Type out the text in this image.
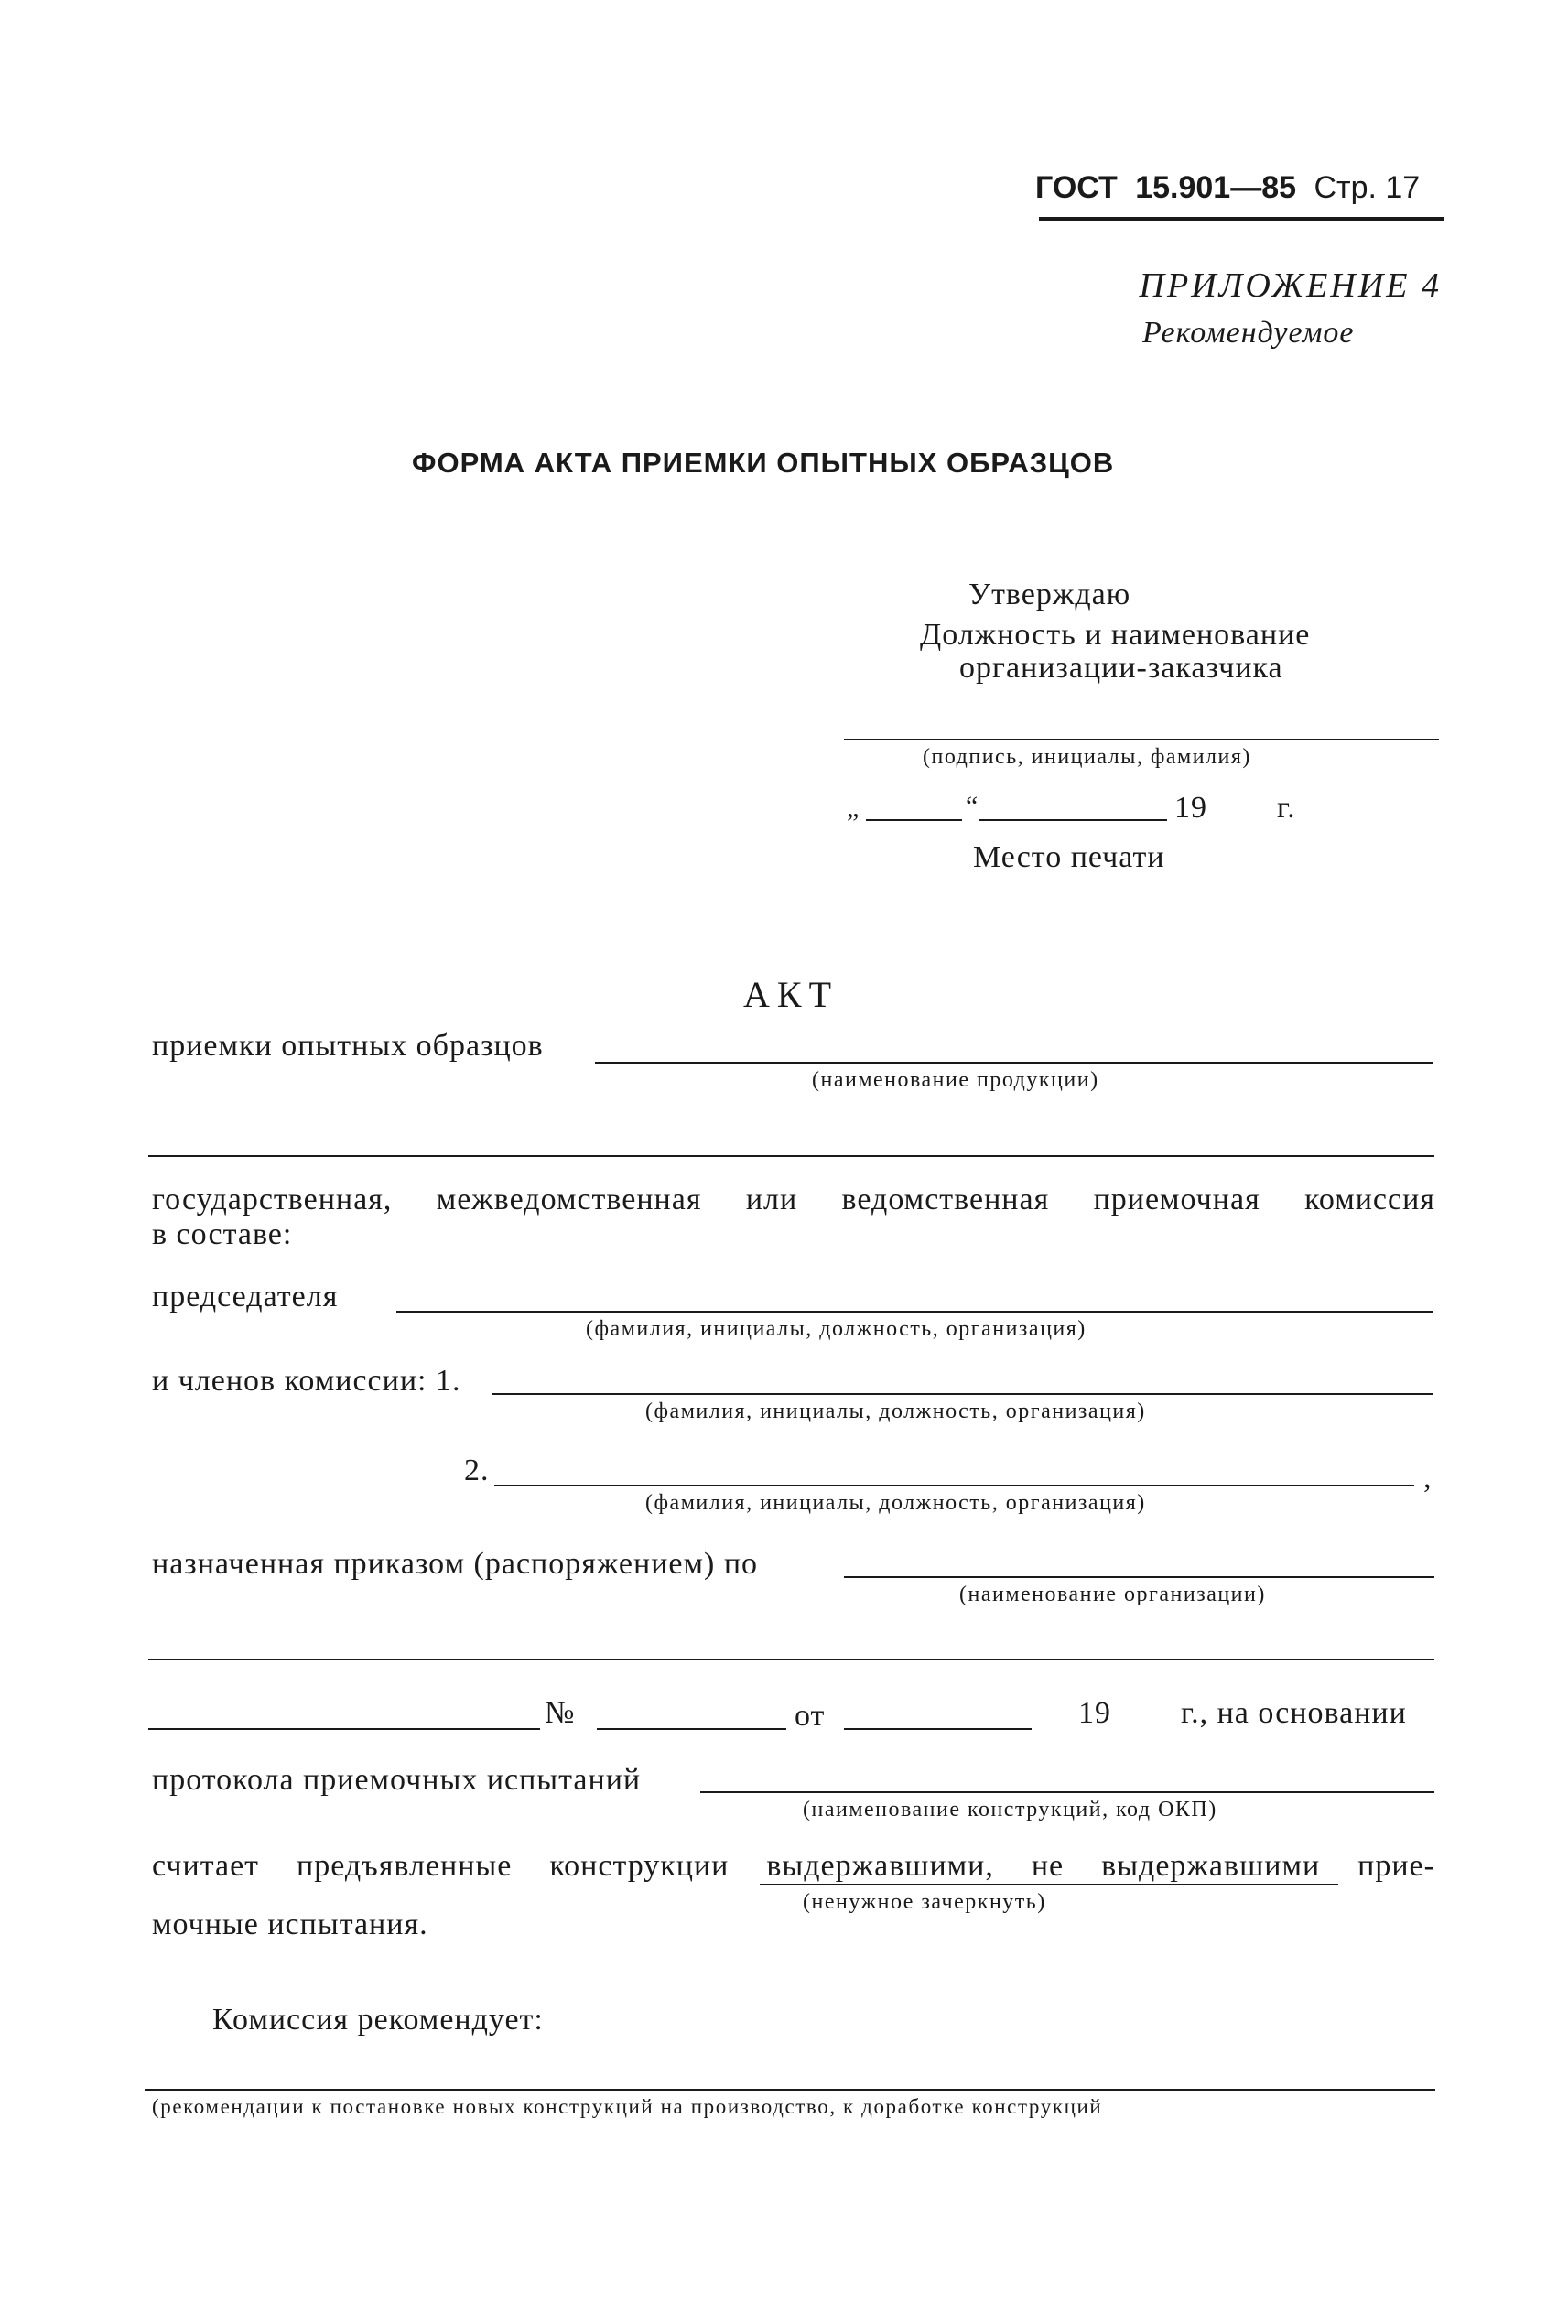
ГОСТ 15.901—85 Стр. 17
ПРИЛОЖЕНИЕ 4
Рекомендуемое
ФОРМА АКТА ПРИЕМКИ ОПЫТНЫХ ОБРАЗЦОВ
Утверждаю
Должность и наименование
организации-заказчика
(подпись, инициалы, фамилия)
„	“	19 г.
Место печати
АКТ
приемки опытных образцов
(наименование продукции)
государственная, межведомственная или ведомственная приемочная комиссия
в составе:
председателя
(фамилия, инициалы, должность, организация)
и членов комиссии: 1.
(фамилия, инициалы, должность, организация)
2.	,
(фамилия, инициалы, должность, организация)
назначенная приказом (распоряжением) по
(наименование организации)
№	от	19 г., на основании
протокола приемочных испытаний
(наименование конструкций, код ОКП)
считает предъявленные конструкции выдержавшими, не выдержавшими прие-
(ненужное зачеркнуть)
мочные испытания.
Комиссия рекомендует:
(рекомендации к постановке новых конструкций на производство, к доработке конструкций
